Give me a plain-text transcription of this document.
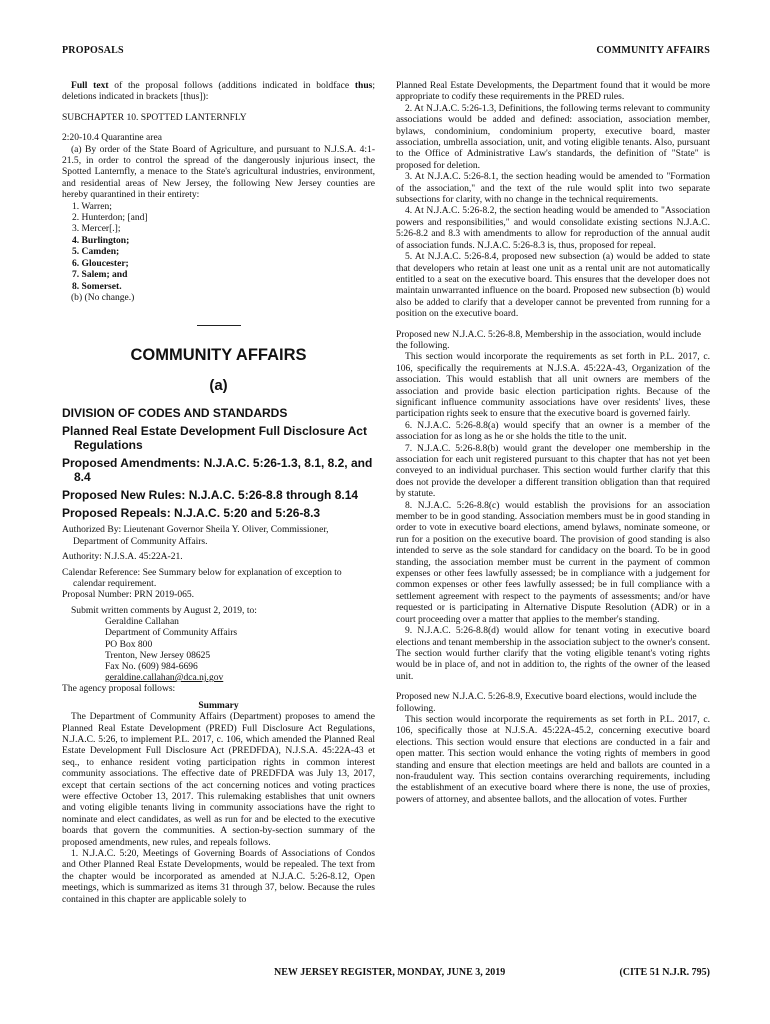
PROPOSALS	COMMUNITY AFFAIRS

Full text of the proposal follows (additions indicated in boldface thus; deletions indicated in brackets [thus]):

SUBCHAPTER 10. SPOTTED LANTERNFLY

2:20-10.4 Quarantine area

(a) By order of the State Board of Agriculture, and pursuant to N.J.S.A. 4:1-21.5, in order to control the spread of the dangerously injurious insect, the Spotted Lanternfly, a menace to the State's agricultural industries, environment, and residential areas of New Jersey, the following New Jersey counties are hereby quarantined in their entirety:

1. Warren;

2. Hunterdon; [and]

3. Mercer[.];

4. Burlington;

5. Camden;

6. Gloucester;

7. Salem; and

8. Somerset.

(b) (No change.)

COMMUNITY AFFAIRS
(a)
DIVISION OF CODES AND STANDARDS
Planned Real Estate Development Full Disclosure Act Regulations
Proposed Amendments: N.J.A.C. 5:26-1.3, 8.1, 8.2, and 8.4
Proposed New Rules: N.J.A.C. 5:26-8.8 through 8.14
Proposed Repeals: N.J.A.C. 5:20 and 5:26-8.3

Authorized By: Lieutenant Governor Sheila Y. Oliver, Commissioner, Department of Community Affairs.

Authority: N.J.S.A. 45:22A-21.

Calendar Reference: See Summary below for explanation of exception to calendar requirement.

Proposal Number: PRN 2019-065.

Submit written comments by August 2, 2019, to:

Geraldine Callahan

Department of Community Affairs

PO Box 800

Trenton, New Jersey 08625

Fax No. (609) 984-6696

geraldine.callahan@dca.nj.gov

The agency proposal follows:

Summary

The Department of Community Affairs (Department) proposes to amend the Planned Real Estate Development (PRED) Full Disclosure Act Regulations, N.J.A.C. 5:26, to implement P.L. 2017, c. 106, which amended the Planned Real Estate Development Full Disclosure Act (PREDFDA), N.J.S.A. 45:22A-43 et seq., to enhance resident voting participation rights in common interest community associations. The effective date of PREDFDA was July 13, 2017, except that certain sections of the act concerning notices and voting practices were effective October 13, 2017. This rulemaking establishes that unit owners and voting eligible tenants living in community associations have the right to nominate and elect candidates, as well as run for and be elected to the executive boards that govern the communities. A section-by-section summary of the proposed amendments, new rules, and repeals follows.

1. N.J.A.C. 5:20, Meetings of Governing Boards of Associations of Condos and Other Planned Real Estate Developments, would be repealed. The text from the chapter would be incorporated as amended at N.J.A.C. 5:26-8.12, Open meetings, which is summarized as items 31 through 37, below. Because the rules contained in this chapter are applicable solely to

Planned Real Estate Developments, the Department found that it would be more appropriate to codify these requirements in the PRED rules.

2. At N.J.A.C. 5:26-1.3, Definitions, the following terms relevant to community associations would be added and defined: association, association member, bylaws, condominium, condominium property, executive board, master association, umbrella association, unit, and voting eligible tenants. Also, pursuant to the Office of Administrative Law's standards, the definition of "State" is proposed for deletion.

3. At N.J.A.C. 5:26-8.1, the section heading would be amended to "Formation of the association," and the text of the rule would split into two separate subsections for clarity, with no change in the technical requirements.

4. At N.J.A.C. 5:26-8.2, the section heading would be amended to "Association powers and responsibilities," and would consolidate existing sections N.J.A.C. 5:26-8.2 and 8.3 with amendments to allow for reproduction of the annual audit of association funds. N.J.A.C. 5:26-8.3 is, thus, proposed for repeal.

5. At N.J.A.C. 5:26-8.4, proposed new subsection (a) would be added to state that developers who retain at least one unit as a rental unit are not automatically entitled to a seat on the executive board. This ensures that the developer does not maintain unwarranted influence on the board. Proposed new subsection (b) would also be added to clarify that a developer cannot be prevented from running for a position on the executive board.

Proposed new N.J.A.C. 5:26-8.8, Membership in the association, would include the following.

This section would incorporate the requirements as set forth in P.L. 2017, c. 106, specifically the requirements at N.J.S.A. 45:22A-43, Organization of the association. This would establish that all unit owners are members of the association and provide basic election participation rights. Because of the significant influence community associations have over residents' lives, these participation rights seek to ensure that the executive board is governed fairly.

6. N.J.A.C. 5:26-8.8(a) would specify that an owner is a member of the association for as long as he or she holds the title to the unit.

7. N.J.A.C. 5:26-8.8(b) would grant the developer one membership in the association for each unit registered pursuant to this chapter that has not yet been conveyed to an individual purchaser. This section would further clarify that this does not provide the developer a different transition obligation than that required by statute.

8. N.J.A.C. 5:26-8.8(c) would establish the provisions for an association member to be in good standing. Association members must be in good standing in order to vote in executive board elections, amend bylaws, nominate someone, or run for a position on the executive board. The provision of good standing is also intended to serve as the sole standard for candidacy on the board. To be in good standing, the association member must be current in the payment of common expenses or other fees lawfully assessed; be in compliance with a judgement for common expenses or other fees lawfully assessed; be in full compliance with a settlement agreement with respect to the payments of assessments; and/or have requested or is participating in Alternative Dispute Resolution (ADR) or in a court proceeding over a matter that applies to the member's standing.

9. N.J.A.C. 5:26-8.8(d) would allow for tenant voting in executive board elections and tenant membership in the association subject to the owner's consent. The section would further clarify that the voting eligible tenant's voting rights would be in place of, and not in addition to, the rights of the owner of the leased unit.

Proposed new N.J.A.C. 5:26-8.9, Executive board elections, would include the following.

This section would incorporate the requirements as set forth in P.L. 2017, c. 106, specifically those at N.J.S.A. 45:22A-45.2, concerning executive board elections. This section would ensure that elections are conducted in a fair and open matter. This section would enhance the voting rights of members in good standing and ensure that election meetings are held and ballots are counted in a non-fraudulent way. This section contains overarching requirements, including the establishment of an executive board where there is none, the use of proxies, powers of attorney, and absentee ballots, and the allocation of votes. Further

NEW JERSEY REGISTER, MONDAY, JUNE 3, 2019	(CITE 51 N.J.R. 795)
